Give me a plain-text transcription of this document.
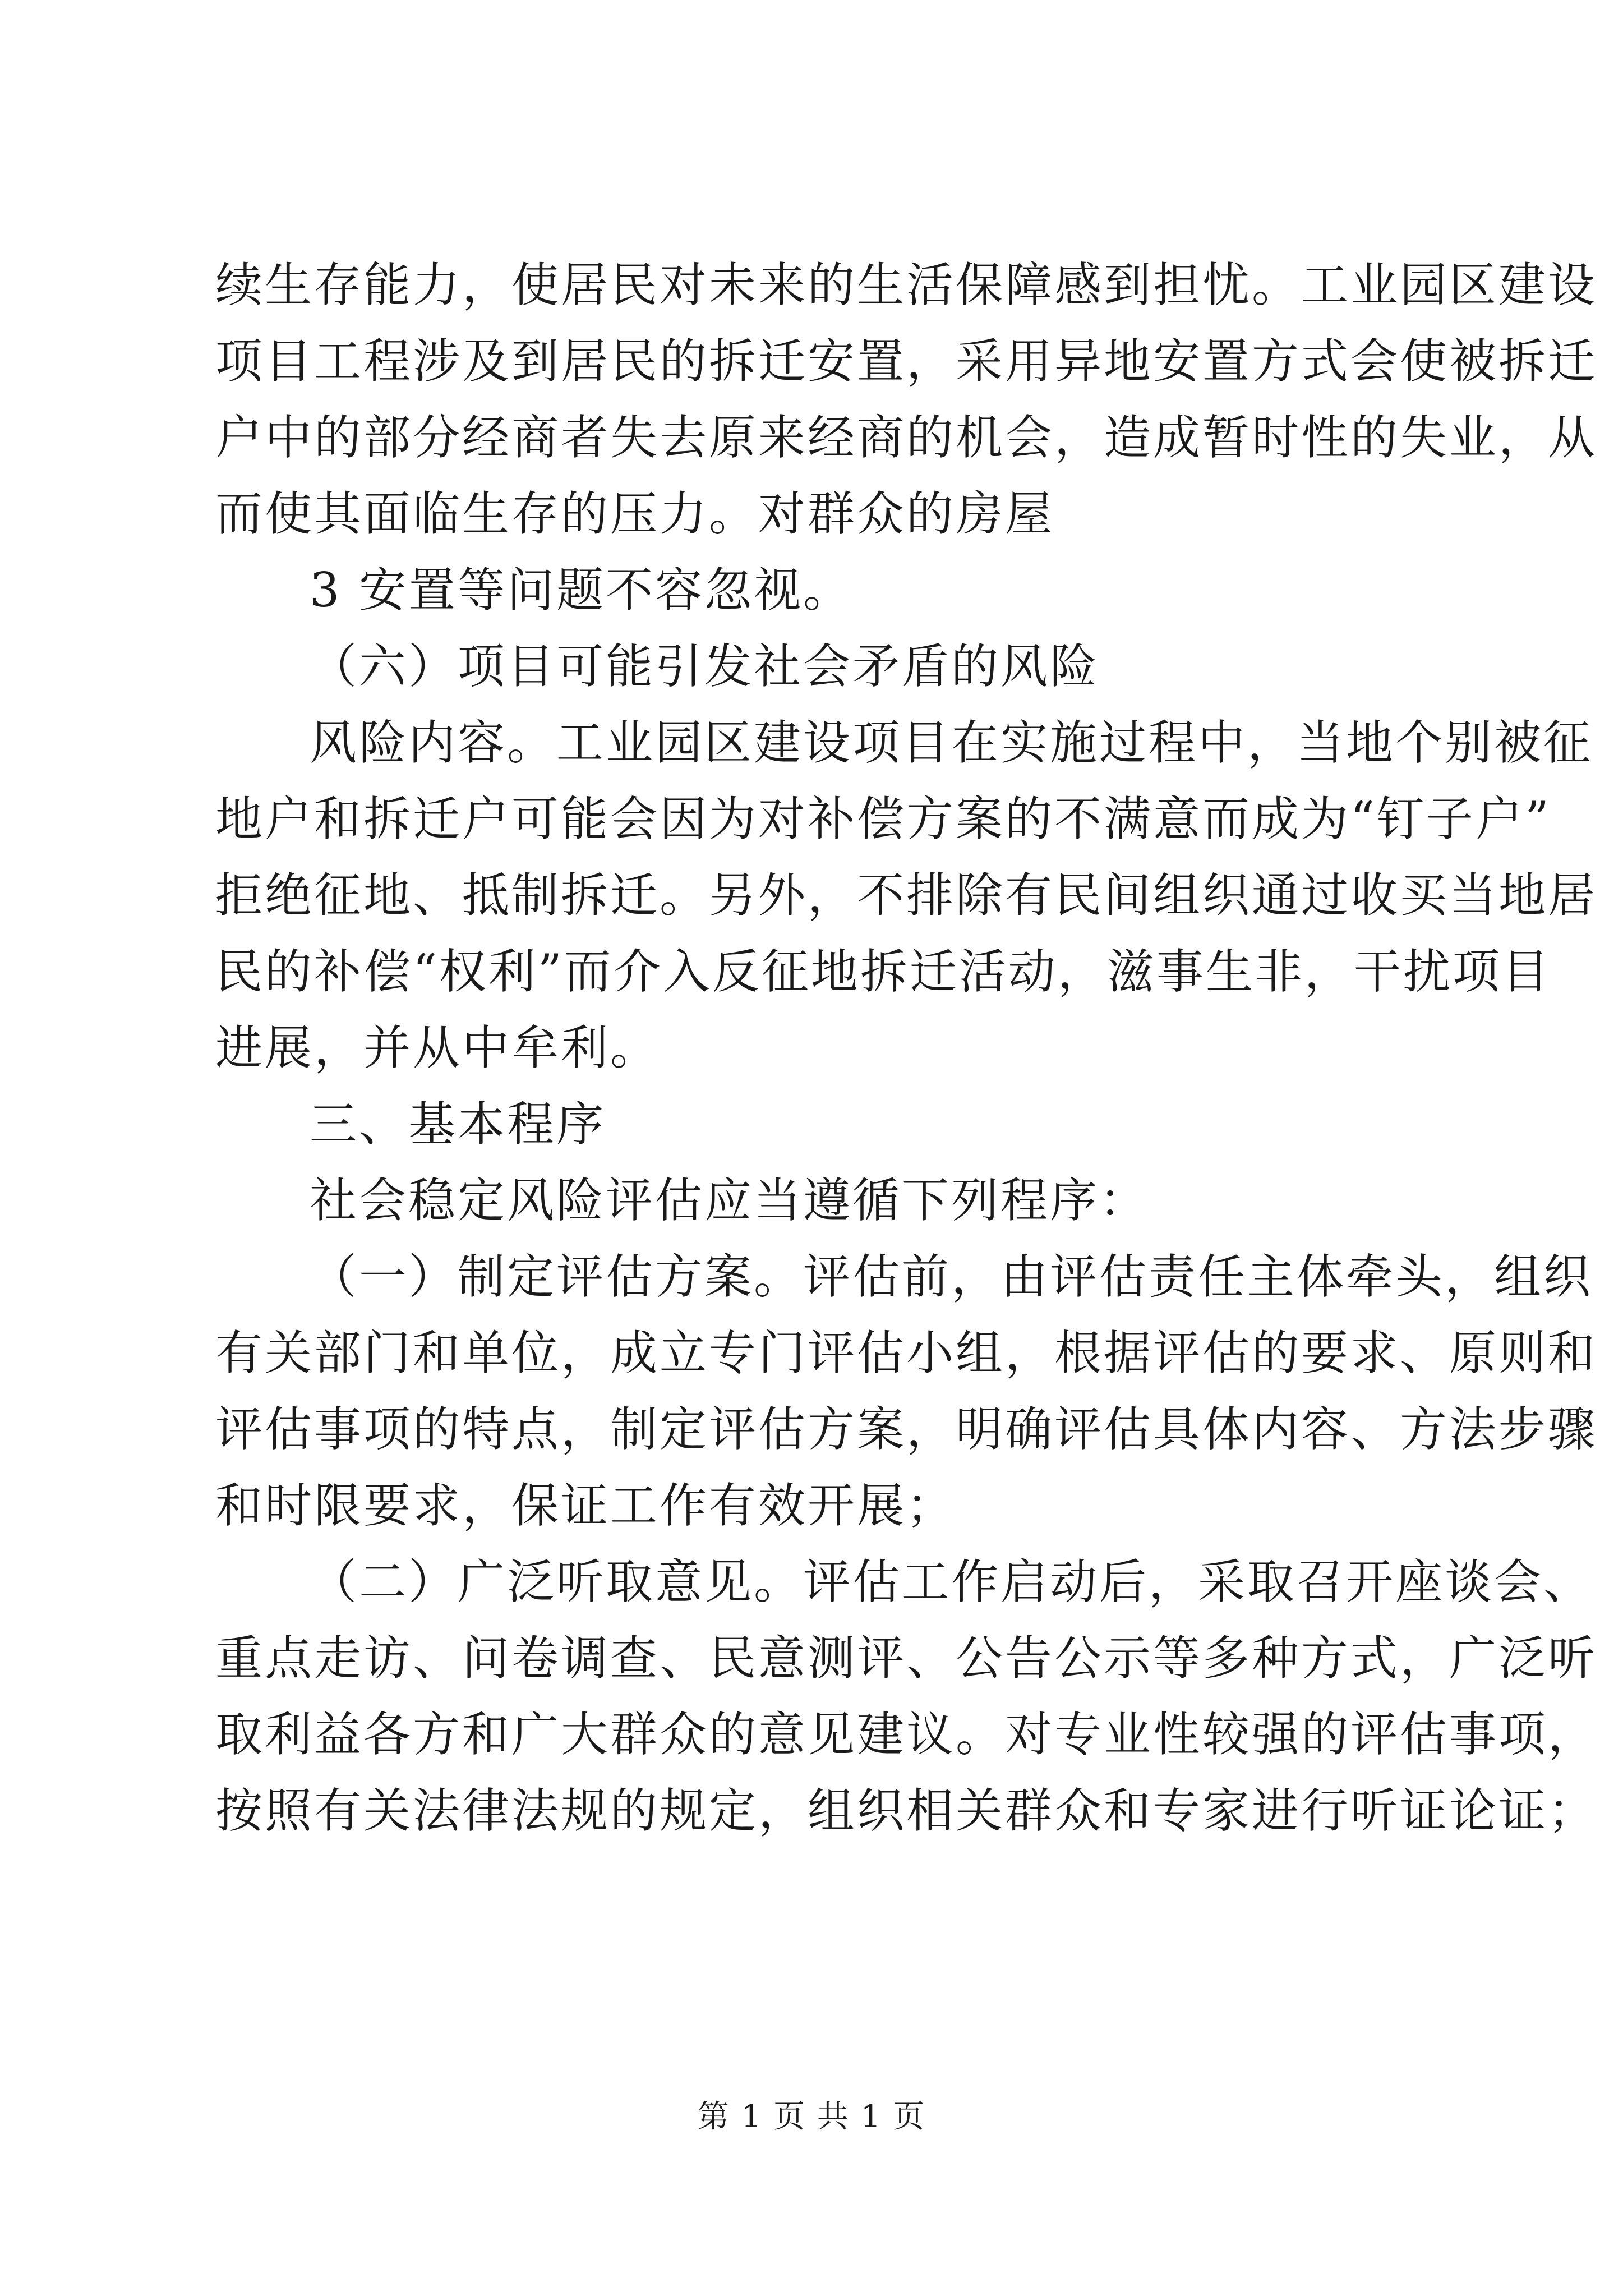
续生存能力，使居民对未来的生活保障感到担忧。工业园区建设

项目工程涉及到居民的拆迁安置，采用异地安置方式会使被拆迁

户中的部分经商者失去原来经商的机会，造成暂时性的失业，从

而使其面临生存的压力。对群众的房屋

3 安置等问题不容忽视。

（六）项目可能引发社会矛盾的风险

风险内容。工业园区建设项目在实施过程中，当地个别被征

地户和拆迁户可能会因为对补偿方案的不满意而成为“钉子户”

拒绝征地、抵制拆迁。另外，不排除有民间组织通过收买当地居

民的补偿“权利”而介入反征地拆迁活动，滋事生非，干扰项目

进展，并从中牟利。

三、基本程序

社会稳定风险评估应当遵循下列程序：

（一）制定评估方案。评估前，由评估责任主体牵头，组织

有关部门和单位，成立专门评估小组，根据评估的要求、原则和

评估事项的特点，制定评估方案，明确评估具体内容、方法步骤

和时限要求，保证工作有效开展；

（二）广泛听取意见。评估工作启动后，采取召开座谈会、

重点走访、问卷调查、民意测评、公告公示等多种方式，广泛听

取利益各方和广大群众的意见建议。对专业性较强的评估事项，

按照有关法律法规的规定，组织相关群众和专家进行听证论证；

第 1 页 共 1 页
